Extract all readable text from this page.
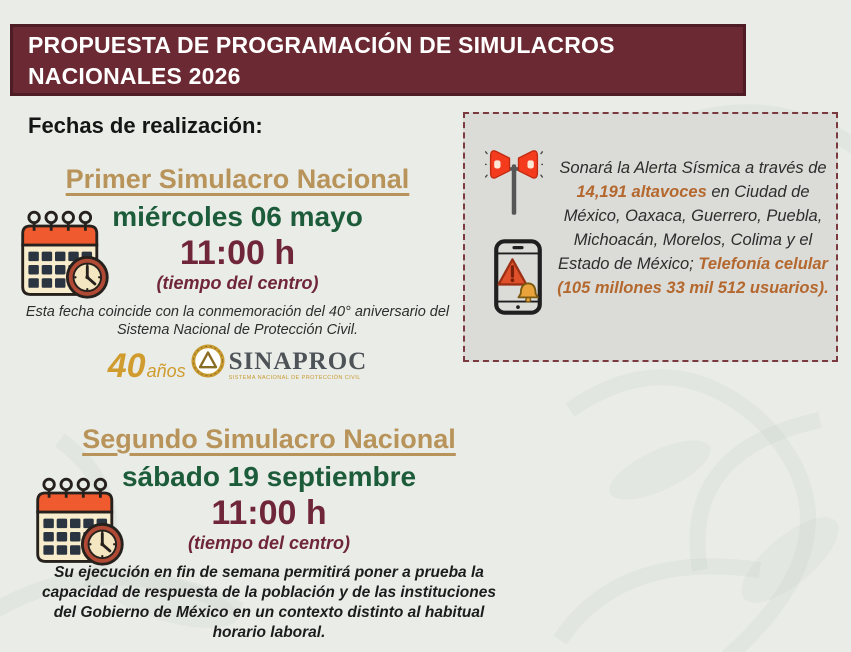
PROPUESTA DE PROGRAMACIÓN DE SIMULACROS
NACIONALES 2026
Fechas de realización:
Primer Simulacro Nacional
miércoles 06 mayo
11:00 h
(tiempo del centro)
Esta fecha coincide con la conmemoración del 40° aniversario del Sistema Nacional de Protección Civil.
40 años SINAPROC
SISTEMA NACIONAL DE PROTECCIÓN CIVIL
Sonará la Alerta Sísmica a través de 14,191 altavoces en Ciudad de México, Oaxaca, Guerrero, Puebla, Michoacán, Morelos, Colima y el Estado de México; Telefonía celular (105 millones 33 mil 512 usuarios).
Segundo Simulacro Nacional
sábado 19 septiembre
11:00 h
(tiempo del centro)
Su ejecución en fin de semana permitirá poner a prueba la capacidad de respuesta de la población y de las instituciones del Gobierno de México en un contexto distinto al habitual horario laboral.
